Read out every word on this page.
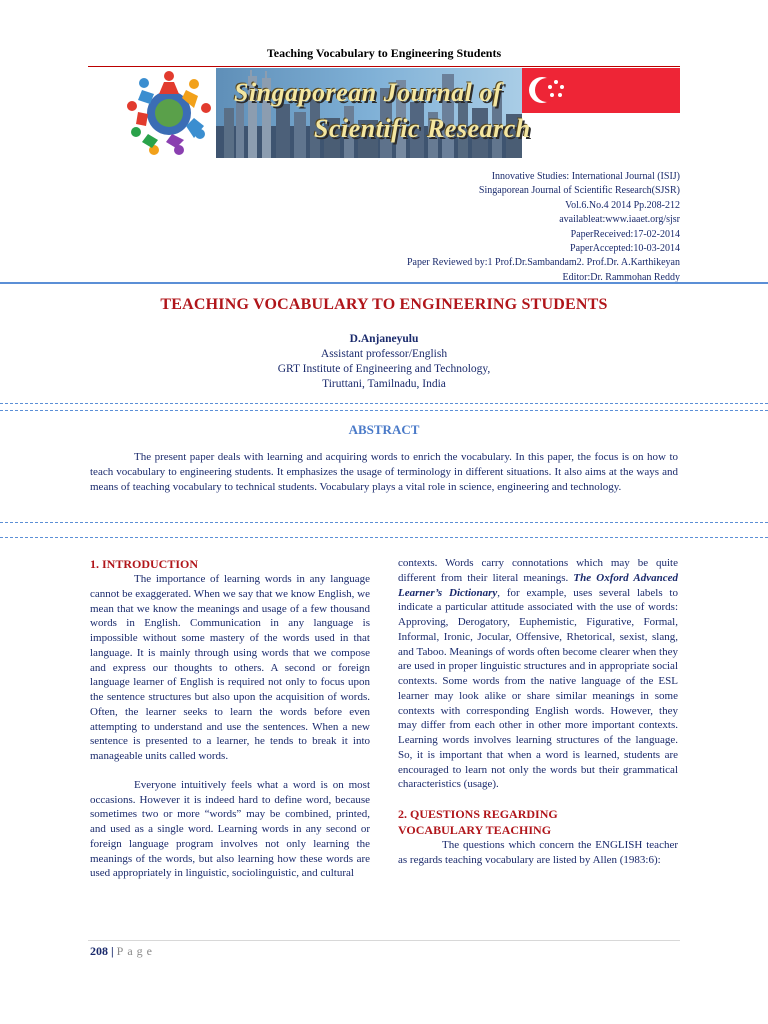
Teaching Vocabulary to Engineering Students
Singaporean Journal of
Scientific Research
Innovative Studies: International Journal (ISIJ)
Singaporean Journal of Scientific Research(SJSR)
Vol.6.No.4 2014 Pp.208-212
availableat:www.iaaet.org/sjsr
PaperReceived:17-02-2014
PaperAccepted:10-03-2014
Paper Reviewed by:1 Prof.Dr.Sambandam2. Prof.Dr. A.Karthikeyan
Editor:Dr. Rammohan Reddy
TEACHING VOCABULARY TO ENGINEERING STUDENTS
D.Anjaneyulu
Assistant professor/English
GRT Institute of Engineering and Technology,
Tiruttani, Tamilnadu, India
ABSTRACT
The present paper deals with learning and acquiring words to enrich the vocabulary. In this paper, the focus is on how to teach vocabulary to engineering students. It emphasizes the usage of terminology in different situations. It also aims at the ways and means of teaching vocabulary to technical students. Vocabulary plays a vital role in science, engineering and technology.

1. INTRODUCTION

The importance of learning words in any language cannot be exaggerated. When we say that we know English, we mean that we know the meanings and usage of a few thousand words in English. Communication in any language is impossible without some mastery of the words used in that language. It is mainly through using words that we compose and express our thoughts to others. A second or foreign language learner of English is required not only to focus upon the sentence structures but also upon the acquisition of words. Often, the learner seeks to learn the words before even attempting to understand and use the sentences. When a new sentence is presented to a learner, he tends to break it into manageable units called words.

Everyone intuitively feels what a word is on most occasions. However it is indeed hard to define word, because sometimes two or more “words” may be combined, printed, and used as a single word. Learning words in any second or foreign language program involves not only learning the meanings of the words, but also learning how these words are used appropriately in linguistic, sociolinguistic, and cultural

contexts. Words carry connotations which may be quite different from their literal meanings. The Oxford Advanced Learner’s Dictionary, for example, uses several labels to indicate a particular attitude associated with the use of words: Approving, Derogatory, Euphemistic, Figurative, Formal, Informal, Ironic, Jocular, Offensive, Rhetorical, sexist, slang, and Taboo. Meanings of words often become clearer when they are used in proper linguistic structures and in appropriate social contexts. Some words from the native language of the ESL learner may look alike or share similar meanings in some contexts with corresponding English words. However, they may differ from each other in other more important contexts. Learning words involves learning structures of the language. So, it is important that when a word is learned, students are encouraged to learn not only the words but their grammatical characteristics (usage).

2. QUESTIONS REGARDING
VOCABULARY TEACHING

The questions which concern the ENGLISH teacher as regards teaching vocabulary are listed by Allen (1983:6):

208 | Page
